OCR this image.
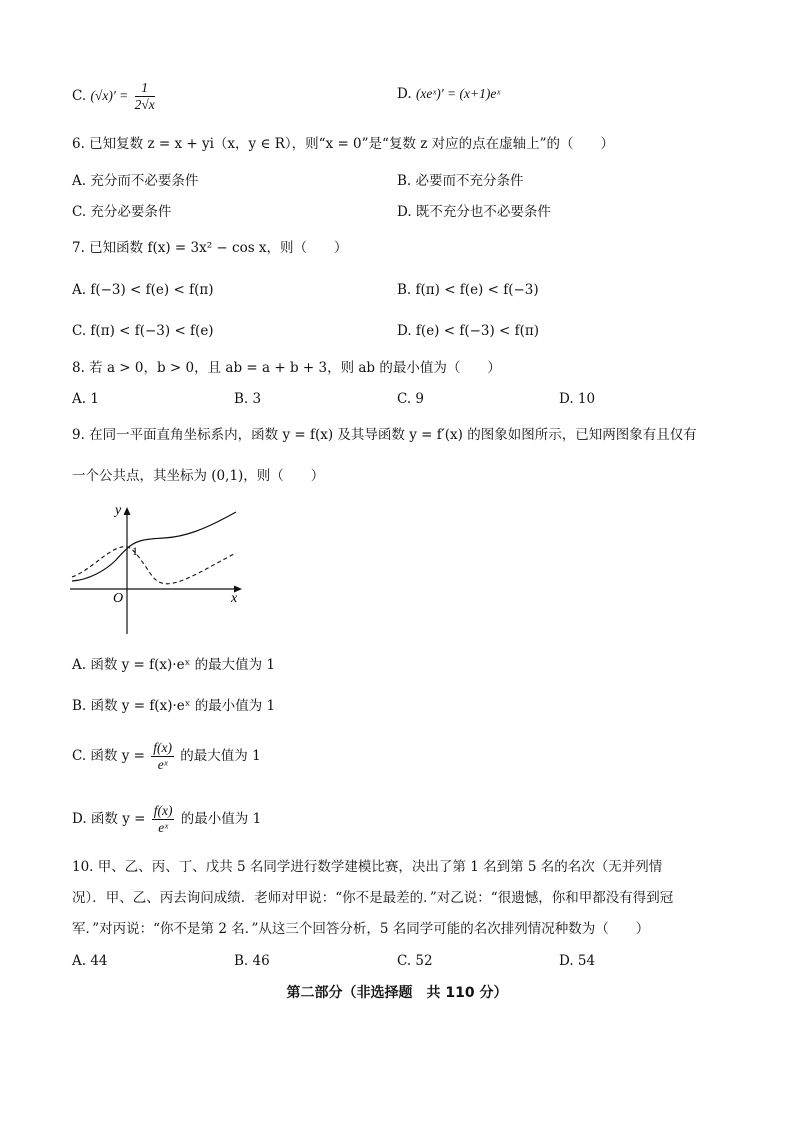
C. $(√x)' = \frac{1}{2√x}$	D. (xeˣ)′ = (x+1)eˣ
6. 已知复数 z = x + yi（x，y ∈ R），则“x = 0”是“复数 z 对应的点在虚轴上”的（　　）
A. 充分而不必要条件	B. 必要而不充分条件
C. 充分必要条件	D. 既不充分也不必要条件
7. 已知函数 f(x) = 3x² − cos x，则（　　）
A. f(−3) < f(e) < f(π)	B. f(π) < f(e) < f(−3)
C. f(π) < f(−3) < f(e)	D. f(e) < f(−3) < f(π)
8. 若 a > 0，b > 0，且 ab = a + b + 3，则 ab 的最小值为（　　）
A. 1	B. 3	C. 9	D. 10
9. 在同一平面直角坐标系内，函数 y = f(x) 及其导函数 y = f′(x) 的图象如图所示，已知两图象有且仅有
一个公共点，其坐标为 (0,1)，则（　　）
y
x
O
1
A. 函数 y = f(x)·eˣ 的最大值为 1
B. 函数 y = f(x)·eˣ 的最小值为 1
C. 函数 $y = \frac{f(x)}{\text{eˣ}}$ 的最大值为 1
D. 函数 $y = \frac{f(x)}{\text{eˣ}}$ 的最小值为 1
10. 甲、乙、丙、丁、戊共 5 名同学进行数学建模比赛，决出了第 1 名到第 5 名的名次（无并列情
况）．甲、乙、丙去询问成绩．老师对甲说：“你不是最差的．”对乙说：“很遗憾，你和甲都没有得到冠
军．”对丙说：“你不是第 2 名．”从这三个回答分析，5 名同学可能的名次排列情况种数为（　　）
A. 44	B. 46	C. 52	D. 54
第二部分（非选择题　共 110 分）
